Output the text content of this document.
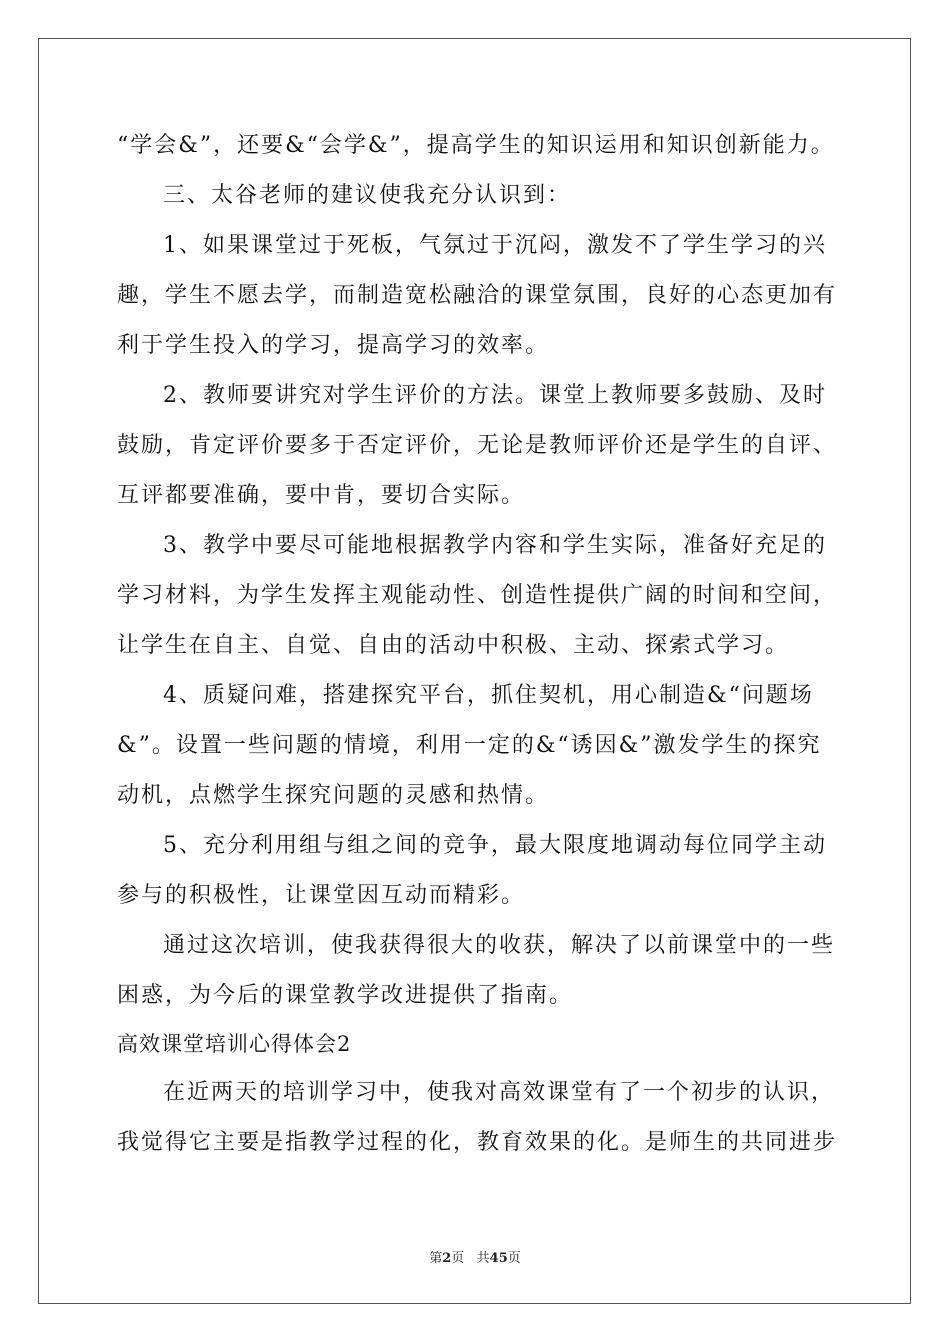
“学会&”，还要&“会学&”，提高学生的知识运用和知识创新能力。
三、太谷老师的建议使我充分认识到：
1、如果课堂过于死板，气氛过于沉闷，激发不了学生学习的兴
趣，学生不愿去学，而制造宽松融洽的课堂氛围，良好的心态更加有
利于学生投入的学习，提高学习的效率。
2、教师要讲究对学生评价的方法。课堂上教师要多鼓励、及时
鼓励，肯定评价要多于否定评价，无论是教师评价还是学生的自评、
互评都要准确，要中肯，要切合实际。
3、教学中要尽可能地根据教学内容和学生实际，准备好充足的
学习材料，为学生发挥主观能动性、创造性提供广阔的时间和空间，
让学生在自主、自觉、自由的活动中积极、主动、探索式学习。
4、质疑问难，搭建探究平台，抓住契机，用心制造&“问题场
&”。设置一些问题的情境，利用一定的&“诱因&”激发学生的探究
动机，点燃学生探究问题的灵感和热情。
5、充分利用组与组之间的竞争，最大限度地调动每位同学主动
参与的积极性，让课堂因互动而精彩。
通过这次培训，使我获得很大的收获，解决了以前课堂中的一些
困惑，为今后的课堂教学改进提供了指南。
高效课堂培训心得体会2
在近两天的培训学习中，使我对高效课堂有了一个初步的认识，
我觉得它主要是指教学过程的化，教育效果的化。是师生的共同进步
第2页   共45页
